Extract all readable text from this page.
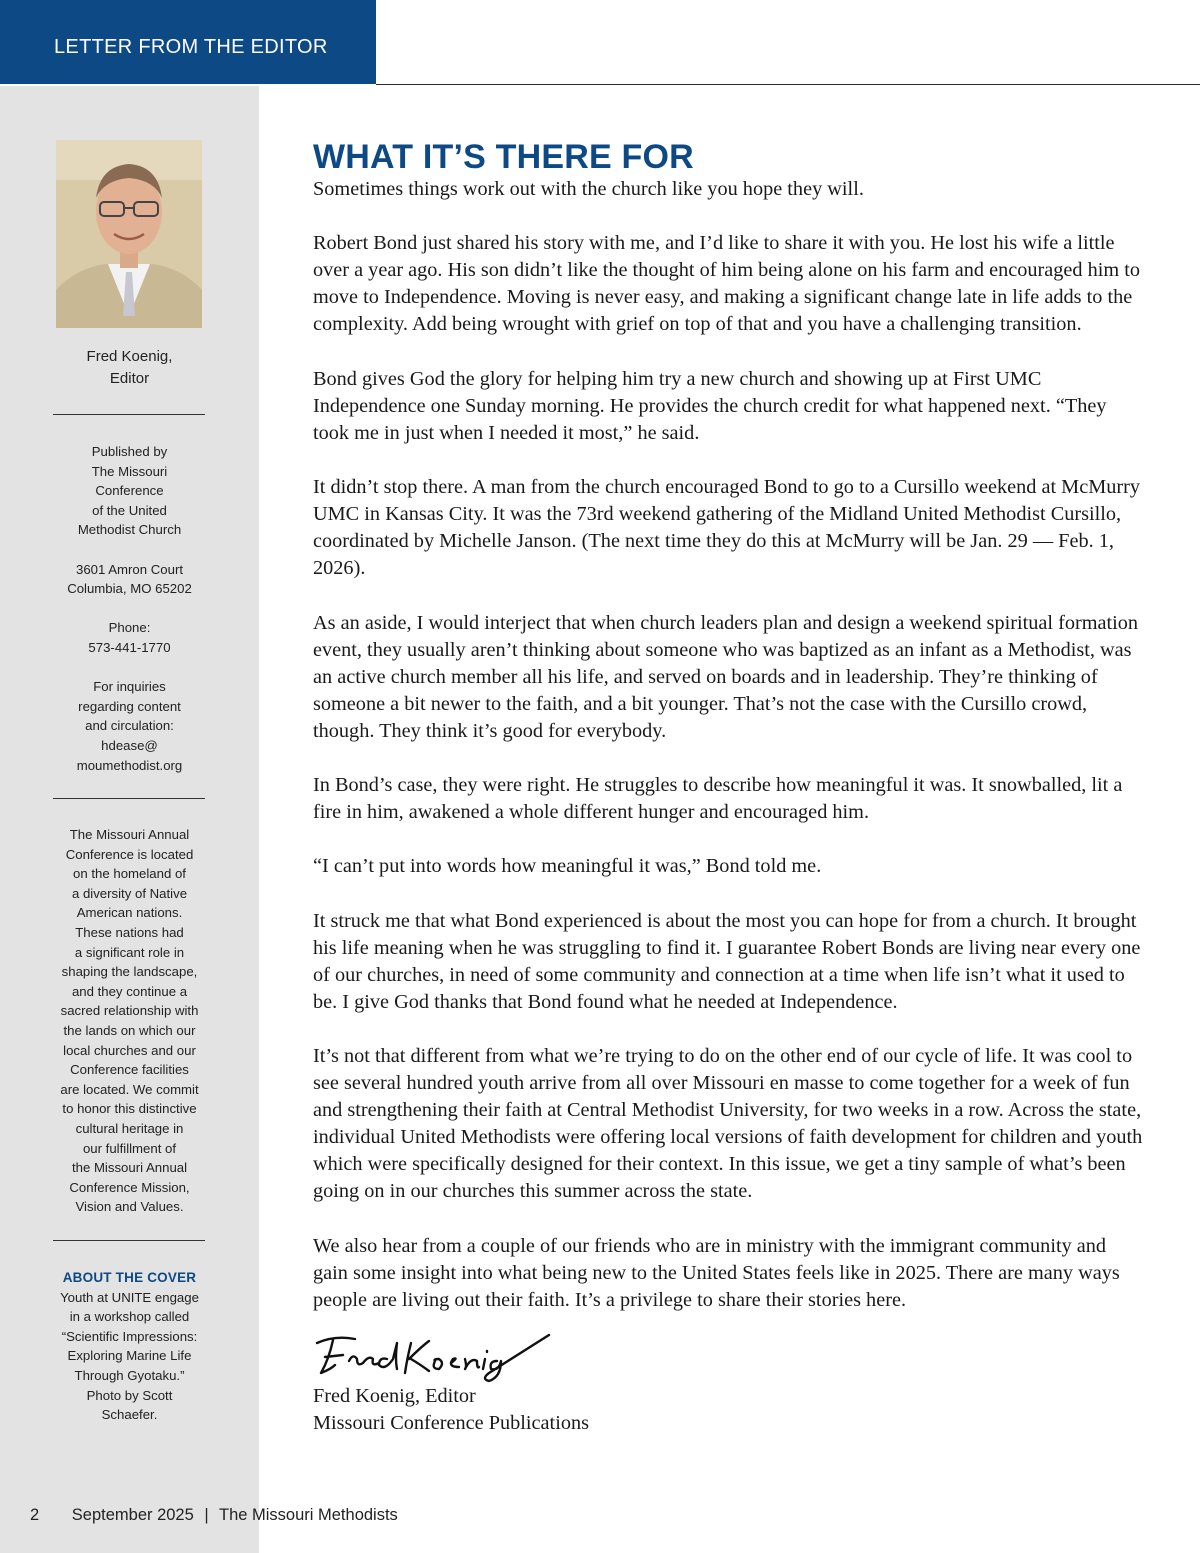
LETTER FROM THE EDITOR
Fred Koenig,
Editor

Published by

The Missouri

Conference

of the United

Methodist Church

3601 Amron Court

Columbia, MO 65202

Phone:

573-441-1770

For inquiries

regarding content

and circulation:

hdease@

moumethodist.org

The Missouri Annual

Conference is located

on the homeland of

a diversity of Native

American nations.

These nations had

a significant role in

shaping the landscape,

and they continue a

sacred relationship with

the lands on which our

local churches and our

Conference facilities

are located. We commit

to honor this distinctive

cultural heritage in

our fulfillment of

the Missouri Annual

Conference Mission,

Vision and Values.

ABOUT THE COVER

Youth at UNITE engage

in a workshop called

“Scientific Impressions:

Exploring Marine Life

Through Gyotaku.”

Photo by Scott

Schaefer.

WHAT IT’S THERE FOR

Sometimes things work out with the church like you hope they will.

Robert Bond just shared his story with me, and I’d like to share it with you. He lost his wife a little over a year ago. His son didn’t like the thought of him being alone on his farm and encouraged him to move to Independence. Moving is never easy, and making a significant change late in life adds to the complexity. Add being wrought with grief on top of that and you have a challenging transition.

Bond gives God the glory for helping him try a new church and showing up at First UMC Independence one Sunday morning. He provides the church credit for what happened next. “They took me in just when I needed it most,” he said.

It didn’t stop there. A man from the church encouraged Bond to go to a Cursillo weekend at McMurry UMC in Kansas City. It was the 73rd weekend gathering of the Midland United Methodist Cursillo, coordinated by Michelle Janson. (The next time they do this at McMurry will be Jan. 29 — Feb. 1, 2026).

As an aside, I would interject that when church leaders plan and design a weekend spiritual formation event, they usually aren’t thinking about someone who was baptized as an infant as a Methodist, was an active church member all his life, and served on boards and in leadership. They’re thinking of someone a bit newer to the faith, and a bit younger. That’s not the case with the Cursillo crowd, though. They think it’s good for everybody.

In Bond’s case, they were right. He struggles to describe how meaningful it was. It snowballed, lit a fire in him, awakened a whole different hunger and encouraged him.

“I can’t put into words how meaningful it was,” Bond told me.

It struck me that what Bond experienced is about the most you can hope for from a church. It brought his life meaning when he was struggling to find it. I guarantee Robert Bonds are living near every one of our churches, in need of some community and connection at a time when life isn’t what it used to be. I give God thanks that Bond found what he needed at Independence.

It’s not that different from what we’re trying to do on the other end of our cycle of life. It was cool to see several hundred youth arrive from all over Missouri en masse to come together for a week of fun and strengthening their faith at Central Methodist University, for two weeks in a row. Across the state, individual United Methodists were offering local versions of faith development for children and youth which were specifically designed for their context. In this issue, we get a tiny sample of what’s been going on in our churches this summer across the state.

We also hear from a couple of our friends who are in ministry with the immigrant community and gain some insight into what being new to the United States feels like in 2025. There are many ways people are living out their faith. It’s a privilege to share their stories here.

Fred Koenig, Editor
Missouri Conference Publications
2 September 2025 | The Missouri Methodists
